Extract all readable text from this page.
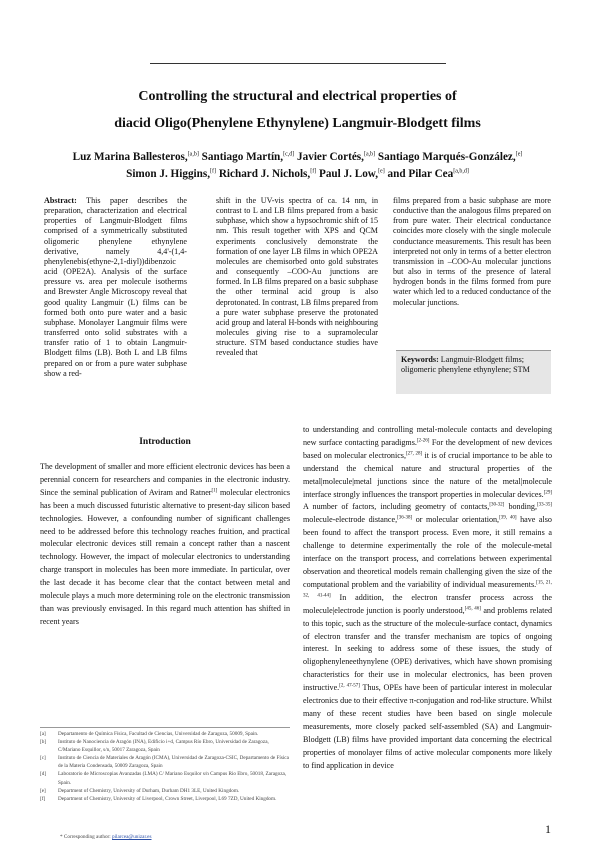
Controlling the structural and electrical properties of
diacid Oligo(Phenylene Ethynylene) Langmuir-Blodgett films
Luz Marina Ballesteros,[a,b] Santiago Martín,[c,d] Javier Cortés,[a,b] Santiago Marqués-González,[e]
Simon J. Higgins,[f] Richard J. Nichols,[f] Paul J. Low,[e] and Pilar Cea[a,b,d]
Abstract: This paper describes the preparation, characterization and electrical properties of Langmuir-Blodgett films comprised of a symmetrically substituted oligomeric phenylene ethynylene derivative, namely 4,4'-(1,4-phenylenebis(ethyne-2,1-diyl))dibenzoic acid (OPE2A). Analysis of the surface pressure vs. area per molecule isotherms and Brewster Angle Microscopy reveal that good quality Langmuir (L) films can be formed both onto pure water and a basic subphase. Monolayer Langmuir films were transferred onto solid substrates with a transfer ratio of 1 to obtain Langmuir-Blodgett films (LB). Both L and LB films prepared on or from a pure water subphase show a red-
shift in the UV-vis spectra of ca. 14 nm, in contrast to L and LB films prepared from a basic subphase, which show a hypsochromic shift of 15 nm. This result together with XPS and QCM experiments conclusively demonstrate the formation of one layer LB films in which OPE2A molecules are chemisorbed onto gold substrates and consequently –COO-Au junctions are formed. In LB films prepared on a basic subphase the other terminal acid group is also deprotonated. In contrast, LB films prepared from a pure water subphase preserve the protonated acid group and lateral H-bonds with neighbouring molecules giving rise to a supramolecular structure. STM based conductance studies have revealed that
films prepared from a basic subphase are more conductive than the analogous films prepared on from pure water. Their electrical conductance coincides more closely with the single molecule conductance measurements. This result has been interpreted not only in terms of a better electron transmission in –COO-Au molecular junctions but also in terms of the presence of lateral hydrogen bonds in the films formed from pure water which led to a reduced conductance of the molecular junctions.
Keywords: Langmuir-Blodgett films; oligomeric phenylene ethynylene; STM
Introduction
The development of smaller and more efficient electronic devices has been a perennial concern for researchers and companies in the electronic industry. Since the seminal publication of Aviram and Ratner[1] molecular electronics has been a much discussed futuristic alternative to present-day silicon based technologies. However, a confounding number of significant challenges need to be addressed before this technology reaches fruition, and practical molecular electronic devices still remain a concept rather than a nascent technology. However, the impact of molecular electronics to understanding charge transport in molecules has been more immediate. In particular, over the last decade it has become clear that the contact between metal and molecule plays a much more determining role on the electronic transmission than was previously envisaged. In this regard much attention has shifted in recent years
to understanding and controlling metal-molecule contacts and developing new surface contacting paradigms.[2-26] For the development of new devices based on molecular electronics,[27, 28] it is of crucial importance to be able to understand the chemical nature and structural properties of the metal|molecule|metal junctions since the nature of the metal|molecule interface strongly influences the transport properties in molecular devices.[29] A number of factors, including geometry of contacts,[30-32] bonding,[33-35] molecule-electrode distance,[36-38] or molecular orientation,[39, 40] have also been found to affect the transport process. Even more, it still remains a challenge to determine experimentally the role of the molecule-metal interface on the transport process, and correlations between experimental observation and theoretical models remain challenging given the size of the computational problem and the variability of individual measurements.[15, 21, 32, 41-44] In addition, the electron transfer process across the molecule|electrode junction is poorly understood,[45, 46] and problems related to this topic, such as the structure of the molecule-surface contact, dynamics of electron transfer and the transfer mechanism are topics of ongoing interest. In seeking to address some of these issues, the study of oligophenyleneethynylene (OPE) derivatives, which have shown promising characteristics for their use in molecular electronics, has been proven instructive.[2, 47-57] Thus, OPEs have been of particular interest in molecular electronics due to their effective π-conjugation and rod-like structure. Whilst many of these recent studies have been based on single molecule measurements, more closely packed self-assembled (SA) and Langmuir-Blodgett (LB) films have provided important data concerning the electrical properties of monolayer films of active molecular components more likely to find application in device
[a]	Departamento de Química Física, Facultad de Ciencias, Universidad de Zaragoza, 50009, Spain.
[b]	Instituto de Nanociencia de Aragón (INA), Edificio i+d, Campus Río Ebro, Universidad de Zaragoza, C/Mariano Esquillor, s/n, 50017 Zaragoza, Spain
[c]	Instituto de Ciencia de Materiales de Aragón (ICMA), Universidad de Zaragoza-CSIC, Departamento de Física de la Materia Condensada, 50009 Zaragoza, Spain
[d]	Laboratorio de Microscopias Avanzadas (LMA) C/ Mariano Esquilor s/n Campus Rio Ebro, 50018, Zaragoza, Spain.
[e]	Department of Chemistry, University of Durham, Durham DH1 3LE, United Kingdom.
[f]	Department of Chemistry, University of Liverpool, Crown Street, Liverpool, L69 7ZD, United Kingdom.
* Corresponding author: pilarcea@unizar.es
1
